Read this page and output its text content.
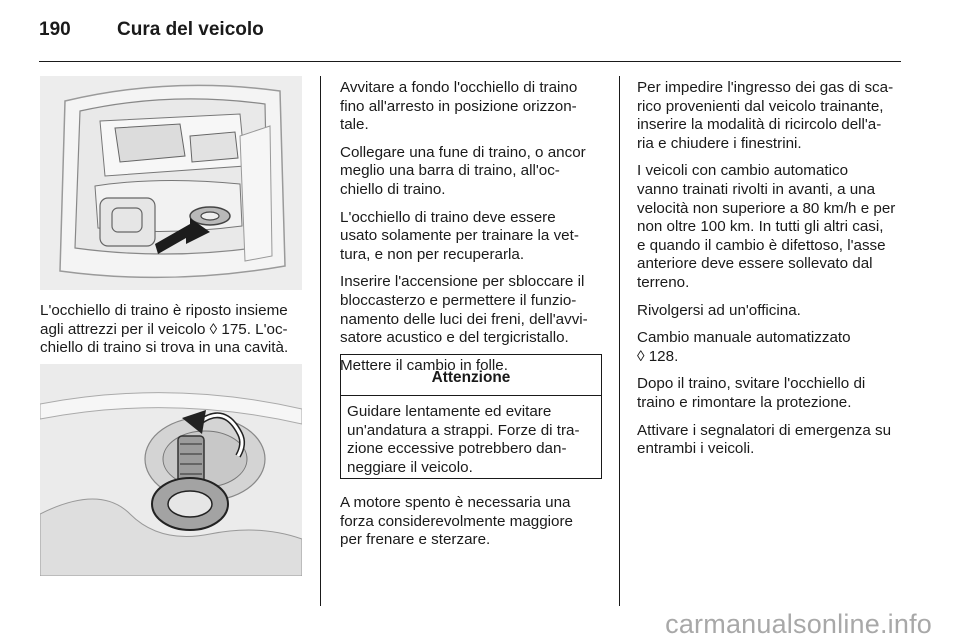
190 Cura del veicolo

L'occhiello di traino è riposto insieme
agli attrezzi per il veicolo ◊ 175. L'oc-
chiello di traino si trova in una cavità.

Avvitare a fondo l'occhiello di traino
fino all'arresto in posizione orizzon-
tale.

Collegare una fune di traino, o ancor
meglio una barra di traino, all'oc-
chiello di traino.

L'occhiello di traino deve essere
usato solamente per trainare la vet-
tura, e non per recuperarla.

Inserire l'accensione per sbloccare il
bloccasterzo e permettere il funzio-
namento delle luci dei freni, dell'avvi-
satore acustico e del tergicristallo.

Mettere il cambio in folle.

Attenzione
Guidare lentamente ed evitare
un'andatura a strappi. Forze di tra-
zione eccessive potrebbero dan-
neggiare il veicolo.
A motore spento è necessaria una
forza considerevolmente maggiore
per frenare e sterzare.

Per impedire l'ingresso dei gas di sca-
rico provenienti dal veicolo trainante,
inserire la modalità di ricircolo dell'a-
ria e chiudere i finestrini.

I veicoli con cambio automatico
vanno trainati rivolti in avanti, a una
velocità non superiore a 80 km/h e per
non oltre 100 km. In tutti gli altri casi,
e quando il cambio è difettoso, l'asse
anteriore deve essere sollevato dal
terreno.

Rivolgersi ad un'officina.

Cambio manuale automatizzato
◊ 128.

Dopo il traino, svitare l'occhiello di
traino e rimontare la protezione.

Attivare i segnalatori di emergenza su
entrambi i veicoli.

carmanualsonline.info
